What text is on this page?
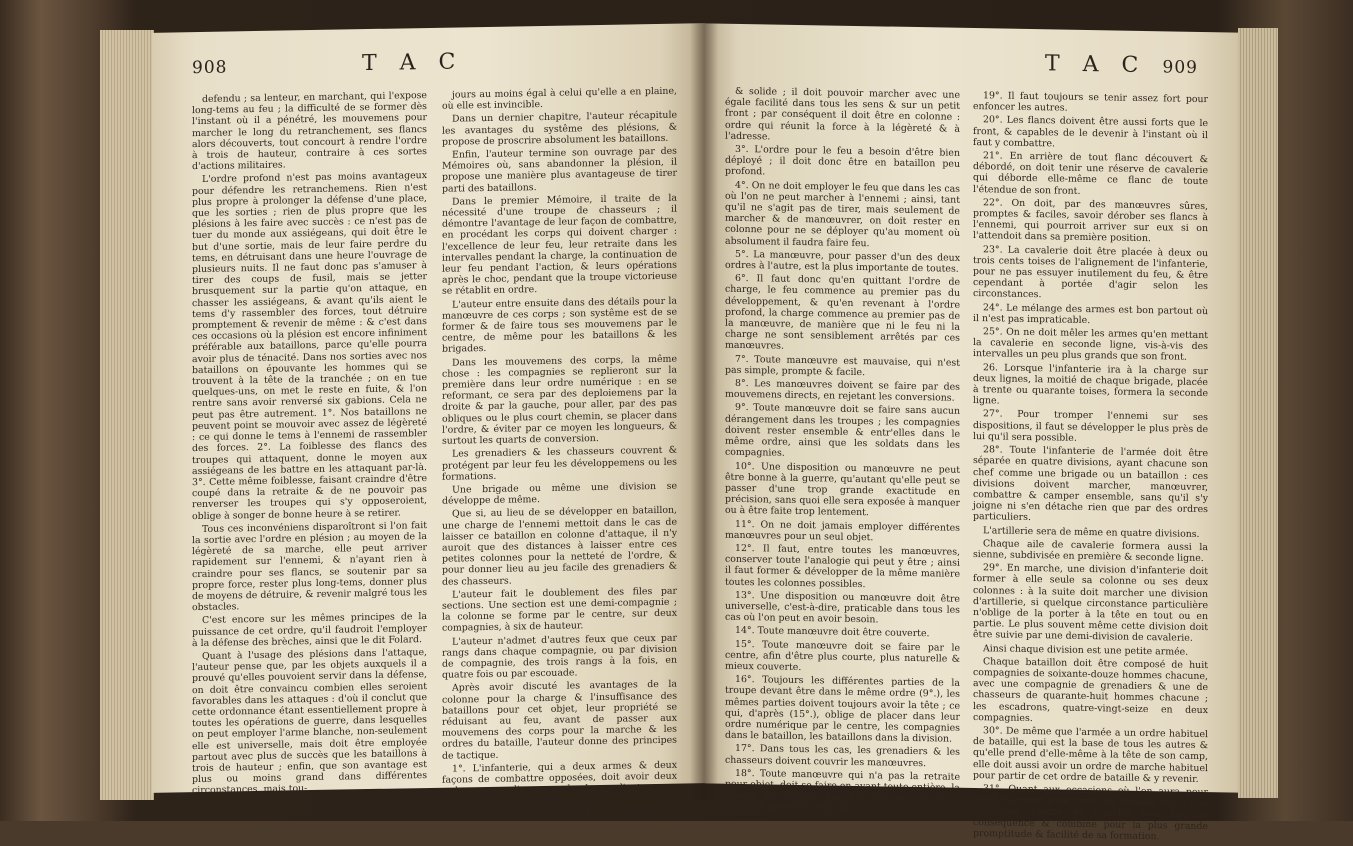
908	T A C

defendu ; sa lenteur, en marchant, qui l'expose long-tems au feu ; la difficulté de se former dès l'instant où il a pénétré, les mouvemens pour marcher le long du retranchement, ses flancs alors découverts, tout concourt à rendre l'ordre à trois de hauteur, contraire à ces sortes d'actions militaires.

L'ordre profond n'est pas moins avantageux pour défendre les retranchemens. Rien n'est plus propre à prolonger la défense d'une place, que les sorties ; rien de plus propre que les plésions à les faire avec succès : ce n'est pas de tuer du monde aux assiégeans, qui doit être le but d'une sortie, mais de leur faire perdre du tems, en détruisant dans une heure l'ouvrage de plusieurs nuits. Il ne faut donc pas s'amuser à tirer des coups de fusil, mais se jetter brusquement sur la partie qu'on attaque, en chasser les assiégeans, & avant qu'ils aient le tems d'y rassembler des forces, tout détruire promptement & revenir de même : & c'est dans ces occasions où la plésion est encore infiniment préférable aux bataillons, parce qu'elle pourra avoir plus de ténacité. Dans nos sorties avec nos bataillons on épouvante les hommes qui se trouvent à la tête de la tranchée ; on en tue quelques-uns, on met le reste en fuite, & l'on rentre sans avoir renversé six gabions. Cela ne peut pas être autrement. 1°. Nos bataillons ne peuvent point se mouvoir avec assez de légèreté : ce qui donne le tems à l'ennemi de rassembler des forces. 2°. La foiblesse des flancs des troupes qui attaquent, donne le moyen aux assiégeans de les battre en les attaquant par-là. 3°. Cette même foiblesse, faisant craindre d'être coupé dans la retraite & de ne pouvoir pas renverser les troupes qui s'y opposeroient, oblige à songer de bonne heure à se retirer.

Tous ces inconvéniens disparoîtront si l'on fait la sortie avec l'ordre en plésion ; au moyen de la légèreté de sa marche, elle peut arriver rapidement sur l'ennemi, & n'ayant rien à craindre pour ses flancs, se soutenir par sa propre force, rester plus long-tems, donner plus de moyens de détruire, & revenir malgré tous les obstacles.

C'est encore sur les mêmes principes de la puissance de cet ordre, qu'il faudroit l'employer à la défense des brèches, ainsi que le dit Folard.

Quant à l'usage des plésions dans l'attaque, l'auteur pense que, par les objets auxquels il a prouvé qu'elles pouvoient servir dans la défense, on doit être convaincu combien elles seroient favorables dans les attaques : d'où il conclut que cette ordonnance étant essentiellement propre à toutes les opérations de guerre, dans lesquelles on peut employer l'arme blanche, non-seulement elle est universelle, mais doit être employée partout avec plus de succès que les bataillons à trois de hauteur ; enfin, que son avantage est plus ou moins grand dans différentes circonstances, mais tou-

jours au moins égal à celui qu'elle a en plaine, où elle est invincible.

Dans un dernier chapitre, l'auteur récapitule les avantages du systême des plésions, & propose de proscrire absolument les bataillons.

Enfin, l'auteur termine son ouvrage par des Mémoires où, sans abandonner la plésion, il propose une manière plus avantageuse de tirer parti des bataillons.

Dans le premier Mémoire, il traite de la nécessité d'une troupe de chasseurs ; il démontre l'avantage de leur façon de combattre, en procédant les corps qui doivent charger : l'excellence de leur feu, leur retraite dans les intervalles pendant la charge, la continuation de leur feu pendant l'action, & leurs opérations après le choc, pendant que la troupe victorieuse se rétablit en ordre.

L'auteur entre ensuite dans des détails pour la manœuvre de ces corps ; son systême est de se former & de faire tous ses mouvemens par le centre, de même pour les bataillons & les brigades.

Dans les mouvemens des corps, la même chose : les compagnies se replieront sur la première dans leur ordre numérique : en se reformant, ce sera par des deploiemens par la droite & par la gauche, pour aller, par des pas obliques ou le plus court chemin, se placer dans l'ordre, & éviter par ce moyen les longueurs, & surtout les quarts de conversion.

Les grenadiers & les chasseurs couvrent & protégent par leur feu les développemens ou les formations.

Une brigade ou même une division se développe de même.

Que si, au lieu de se développer en bataillon, une charge de l'ennemi mettoit dans le cas de laisser ce bataillon en colonne d'attaque, il n'y auroit que des distances à laisser entre ces petites colonnes pour la netteté de l'ordre, & pour donner lieu au jeu facile des grenadiers & des chasseurs.

L'auteur fait le doublement des files par sections. Une section est une demi-compagnie ; la colonne se forme par le centre, sur deux compagnies, à six de hauteur.

L'auteur n'admet d'autres feux que ceux par rangs dans chaque compagnie, ou par division de compagnie, des trois rangs à la fois, en quatre fois ou par escouade.

Après avoir discuté les avantages de la colonne pour la charge & l'insuffisance des bataillons pour cet objet, leur propriété se réduisant au feu, avant de passer aux mouvemens des corps pour la marche & les ordres du bataille, l'auteur donne des principes de tactique.

1°. L'infanterie, qui a deux armes & deux façons de combattre opposées, doit avoir deux ordonnances ; l'une pour la charge, l'autre pour le feu.

2°. L'ordre pour la charge doit être nombreux

T A C 909

& solide ; il doit pouvoir marcher avec une égale facilité dans tous les sens & sur un petit front ; par conséquent il doit être en colonne : ordre qui réunit la force à la légèreté & à l'adresse.

3°. L'ordre pour le feu a besoin d'être bien déployé ; il doit donc être en bataillon peu profond.

4°. On ne doit employer le feu que dans les cas où l'on ne peut marcher à l'ennemi ; ainsi, tant qu'il ne s'agit pas de tirer, mais seulement de marcher & de manœuvrer, on doit rester en colonne pour ne se déployer qu'au moment où absolument il faudra faire feu.

5°. La manœuvre, pour passer d'un des deux ordres à l'autre, est la plus importante de toutes.

6°. Il faut donc qu'en quittant l'ordre de charge, le feu commence au premier pas du développement, & qu'en revenant à l'ordre profond, la charge commence au premier pas de la manœuvre, de manière que ni le feu ni la charge ne sont sensiblement arrêtés par ces manœuvres.

7°. Toute manœuvre est mauvaise, qui n'est pas simple, prompte & facile.

8°. Les manœuvres doivent se faire par des mouvemens directs, en rejetant les conversions.

9°. Toute manœuvre doit se faire sans aucun dérangement dans les troupes ; les compagnies doivent rester ensemble & entr'elles dans le même ordre, ainsi que les soldats dans les compagnies.

10°. Une disposition ou manœuvre ne peut être bonne à la guerre, qu'autant qu'elle peut se passer d'une trop grande exactitude en précision, sans quoi elle sera exposée à manquer ou à être faite trop lentement.

11°. On ne doit jamais employer différentes manœuvres pour un seul objet.

12°. Il faut, entre toutes les manœuvres, conserver toute l'analogie qui peut y être ; ainsi il faut former & développer de la même manière toutes les colonnes possibles.

13°. Une disposition ou manœuvre doit être universelle, c'est-à-dire, praticable dans tous les cas où l'on peut en avoir besoin.

14°. Toute manœuvre doit être couverte.

15°. Toute manœuvre doit se faire par le centre, afin d'être plus courte, plus naturelle & mieux couverte.

16°. Toujours les différentes parties de la troupe devant être dans le même ordre (9°.), les mêmes parties doivent toujours avoir la tête ; ce qui, d'après (15°.), oblige de placer dans leur ordre numérique par le centre, les compagnies dans le bataillon, les bataillons dans la division.

17°. Dans tous les cas, les grenadiers & les chasseurs doivent couvrir les manœuvres.

18°. Toute manœuvre qui n'a pas la retraite pour objet, doit se faire en avant toute entière, la troupe ne faisant pas un pas en arrière : l'inverse dans leur retraite.

19°. Il faut toujours se tenir assez fort pour enfoncer les autres.

20°. Les flancs doivent être aussi forts que le front, & capables de le devenir à l'instant où il faut y combattre.

21°. En arrière de tout flanc découvert & débordé, on doit tenir une réserve de cavalerie qui déborde elle-même ce flanc de toute l'étendue de son front.

22°. On doit, par des manœuvres sûres, promptes & faciles, savoir dérober ses flancs à l'ennemi, qui pourroit arriver sur eux si on l'attendoit dans sa première position.

23°. La cavalerie doit être placée à deux ou trois cents toises de l'alignement de l'infanterie, pour ne pas essuyer inutilement du feu, & être cependant à portée d'agir selon les circonstances.

24°. Le mélange des armes est bon partout où il n'est pas impraticable.

25°. On ne doit mêler les armes qu'en mettant la cavalerie en seconde ligne, vis-à-vis des intervalles un peu plus grands que son front.

26. Lorsque l'infanterie ira à la charge sur deux lignes, la moitié de chaque brigade, placée à trente ou quarante toises, formera la seconde ligne.

27°. Pour tromper l'ennemi sur ses dispositions, il faut se développer le plus près de lui qu'il sera possible.

28°. Toute l'infanterie de l'armée doit être séparée en quatre divisions, ayant chacune son chef comme une brigade ou un bataillon : ces divisions doivent marcher, manœuvrer, combattre & camper ensemble, sans qu'il s'y joigne ni s'en détache rien que par des ordres particuliers.

L'artillerie sera de même en quatre divisions.

Chaque aile de cavalerie formera aussi la sienne, subdivisée en première & seconde ligne.

29°. En marche, une division d'infanterie doit former à elle seule sa colonne ou ses deux colonnes : à la suite doit marcher une division d'artillerie, si quelque circonstance particulière n'oblige de la porter à la tête en tout ou en partie. Le plus souvent même cette division doit être suivie par une demi-division de cavalerie.

Ainsi chaque division est une petite armée.

Chaque bataillon doit être composé de huit compagnies de soixante-douze hommes chacune, avec une compagnie de grenadiers & une de chasseurs de quarante-huit hommes chacune ; les escadrons, quatre-vingt-seize en deux compagnies.

30°. De même que l'armée a un ordre habituel de bataille, qui est la base de tous les autres & qu'elle prend d'elle-même à la tête de son camp, elle doit aussi avoir un ordre de marche habituel pour partir de cet ordre de bataille & y revenir.

31°. Quant aux occasions où l'on aura pour objet d'arriver à un ordre de bataille autre que l'habituel, l'ordre de marche sera fait en conséquence & combiné pour la plus grande promptitude & facilité de sa formation.
